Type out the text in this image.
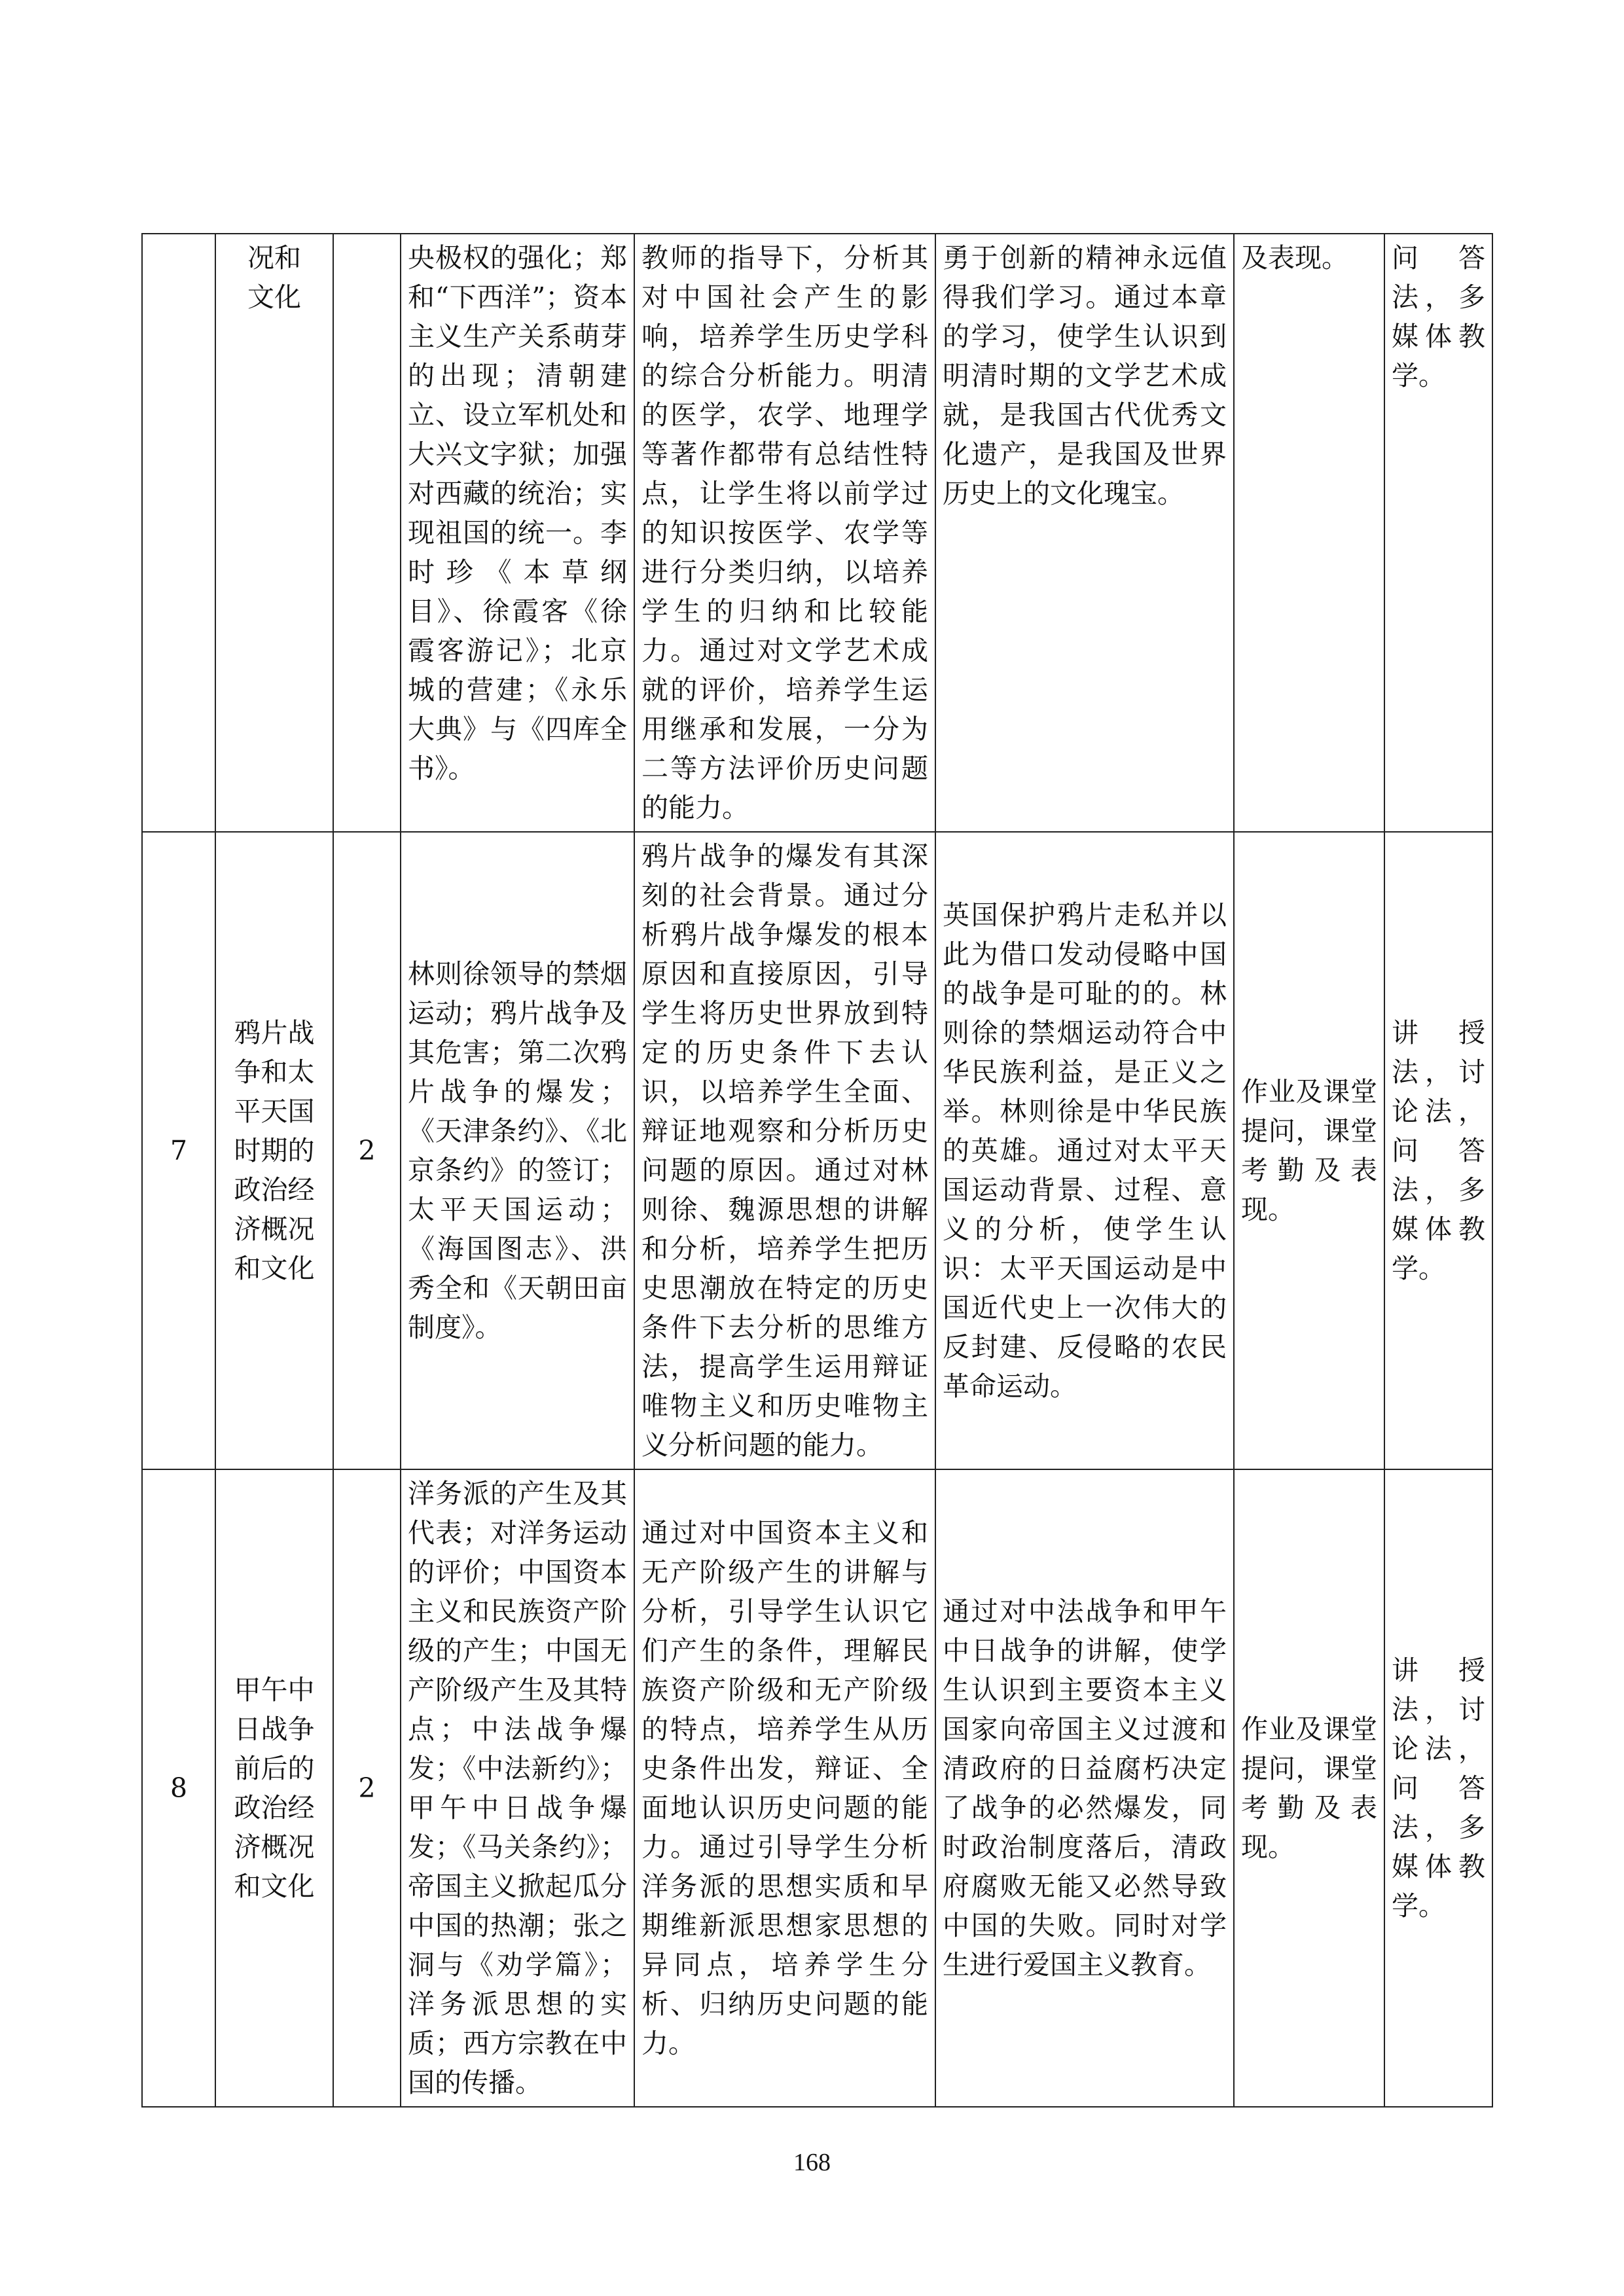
	况和
文化		央极权的强化；郑和“下西洋”；资本主义生产关系萌芽的出现；清朝建立、设立军机处和大兴文字狱；加强对西藏的统治；实现祖国的统一。李时珍《本草纲目》、徐霞客《徐霞客游记》；北京城的营建；《永乐大典》与《四库全书》。	教师的指导下，分析其对中国社会产生的影响，培养学生历史学科的综合分析能力。明清的医学，农学、地理学等著作都带有总结性特点，让学生将以前学过的知识按医学、农学等进行分类归纳，以培养学生的归纳和比较能力。通过对文学艺术成就的评价，培养学生运用继承和发展，一分为二等方法评价历史问题的能力。	勇于创新的精神永远值得我们学习。通过本章的学习，使学生认识到明清时期的文学艺术成就，是我国古代优秀文化遗产，是我国及世界历史上的文化瑰宝。	及表现。	问答法，多媒体教学。

7	鸦片战争和太平天国时期的政治经济概况和文化	2	林则徐领导的禁烟运动；鸦片战争及其危害；第二次鸦片战争的爆发；《天津条约》、《北京条约》的签订；太平天国运动；《海国图志》、洪秀全和《天朝田亩制度》。	鸦片战争的爆发有其深刻的社会背景。通过分析鸦片战争爆发的根本原因和直接原因，引导学生将历史世界放到特定的历史条件下去认识，以培养学生全面、辩证地观察和分析历史问题的原因。通过对林则徐、魏源思想的讲解和分析，培养学生把历史思潮放在特定的历史条件下去分析的思维方法，提高学生运用辩证唯物主义和历史唯物主义分析问题的能力。	英国保护鸦片走私并以此为借口发动侵略中国的战争是可耻的的。林则徐的禁烟运动符合中华民族利益，是正义之举。林则徐是中华民族的英雄。通过对太平天国运动背景、过程、意义的分析，使学生认识：太平天国运动是中国近代史上一次伟大的反封建、反侵略的农民革命运动。	作业及课堂提问，课堂考勤及表现。	讲授法，讨论法，问答法，多媒体教学。

8	甲午中日战争前后的政治经济概况和文化	2	洋务派的产生及其代表；对洋务运动的评价；中国资本主义和民族资产阶级的产生；中国无产阶级产生及其特点；中法战争爆发；《中法新约》；甲午中日战争爆发；《马关条约》；帝国主义掀起瓜分中国的热潮；张之洞与《劝学篇》；洋务派思想的实质；西方宗教在中国的传播。	通过对中国资本主义和无产阶级产生的讲解与分析，引导学生认识它们产生的条件，理解民族资产阶级和无产阶级的特点，培养学生从历史条件出发，辩证、全面地认识历史问题的能力。通过引导学生分析洋务派的思想实质和早期维新派思想家思想的异同点，培养学生分析、归纳历史问题的能力。	通过对中法战争和甲午中日战争的讲解，使学生认识到主要资本主义国家向帝国主义过渡和清政府的日益腐朽决定了战争的必然爆发，同时政治制度落后，清政府腐败无能又必然导致中国的失败。同时对学生进行爱国主义教育。	作业及课堂提问，课堂考勤及表现。	讲授法，讨论法，问答法，多媒体教学。
168
